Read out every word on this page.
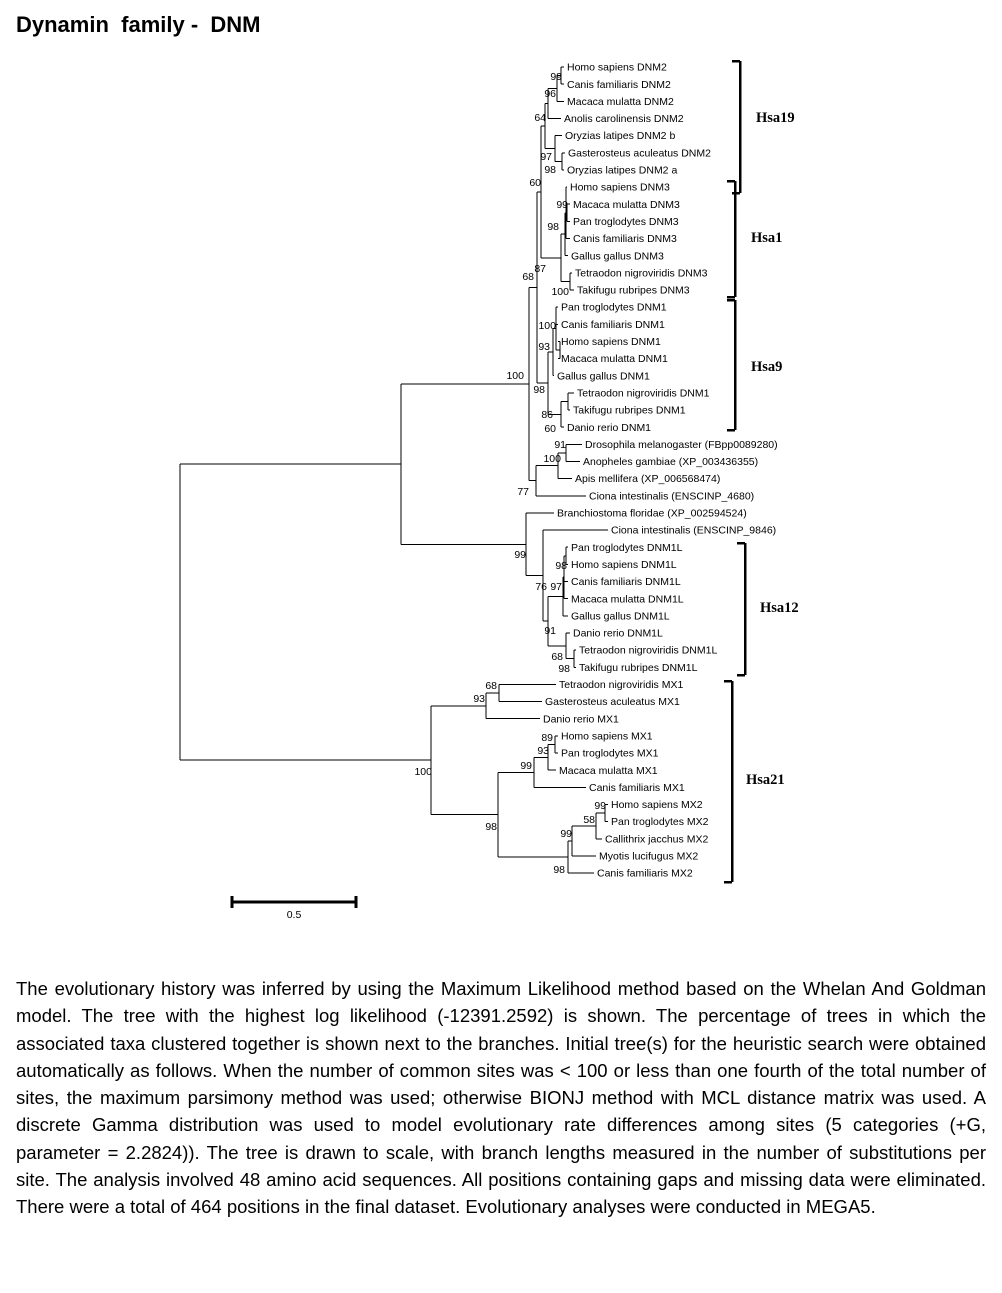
Dynamin  family -  DNM
Homo sapiens DNM2
Canis familiaris DNM2
Macaca mulatta DNM2
Anolis carolinensis DNM2
Oryzias latipes DNM2 b
Gasterosteus aculeatus DNM2
Oryzias latipes DNM2 a
Homo sapiens DNM3
Macaca mulatta DNM3
Pan troglodytes DNM3
Canis familiaris DNM3
Gallus gallus DNM3
Tetraodon nigroviridis DNM3
Takifugu rubripes DNM3
Pan troglodytes DNM1
Canis familiaris DNM1
Homo sapiens DNM1
Macaca mulatta DNM1
Gallus gallus DNM1
Tetraodon nigroviridis DNM1
Takifugu rubripes DNM1
Danio rerio DNM1
Drosophila melanogaster (FBpp0089280)
Anopheles gambiae (XP_003436355)
Apis mellifera (XP_006568474)
Ciona intestinalis (ENSCINP_4680)
Branchiostoma floridae (XP_002594524)
Ciona intestinalis (ENSCINP_9846)
Pan troglodytes DNM1L
Homo sapiens DNM1L
Canis familiaris DNM1L
Macaca mulatta DNM1L
Gallus gallus DNM1L
Danio rerio DNM1L
Tetraodon nigroviridis DNM1L
Takifugu rubripes DNM1L
Tetraodon nigroviridis MX1
Gasterosteus aculeatus MX1
Danio rerio MX1
Homo sapiens MX1
Pan troglodytes MX1
Macaca mulatta MX1
Canis familiaris MX1
Homo sapiens MX2
Pan troglodytes MX2
Callithrix jacchus MX2
Myotis lucifugus MX2
Canis familiaris MX2
99
96
64
97
98
60
99
98
87
68
100
100
93
100
98
86
60
91
100
77
99
98
97
76
91
68
98
68
93
89
93
99
100
98
99
58
99
98
Hsa19
Hsa1
Hsa9
Hsa12
Hsa21
0.5

The evolutionary history was inferred by using the Maximum Likelihood method based on the Whelan And Goldman model. The tree with the highest log likelihood (-12391.2592) is shown. The percentage of trees in which the associated taxa clustered together is shown next to the branches. Initial tree(s) for the heuristic search were obtained automatically as follows. When the number of common sites was < 100 or less than one fourth of the total number of sites, the maximum parsimony method was used; otherwise BIONJ method with MCL distance matrix was used. A discrete Gamma distribution was used to model evolutionary rate differences among sites (5 categories (+G, parameter = 2.2824)). The tree is drawn to scale, with branch lengths measured in the number of substitutions per site. The analysis involved 48 amino acid sequences. All positions containing gaps and missing data were eliminated. There were a total of 464 positions in the final dataset. Evolutionary analyses were conducted in MEGA5.
